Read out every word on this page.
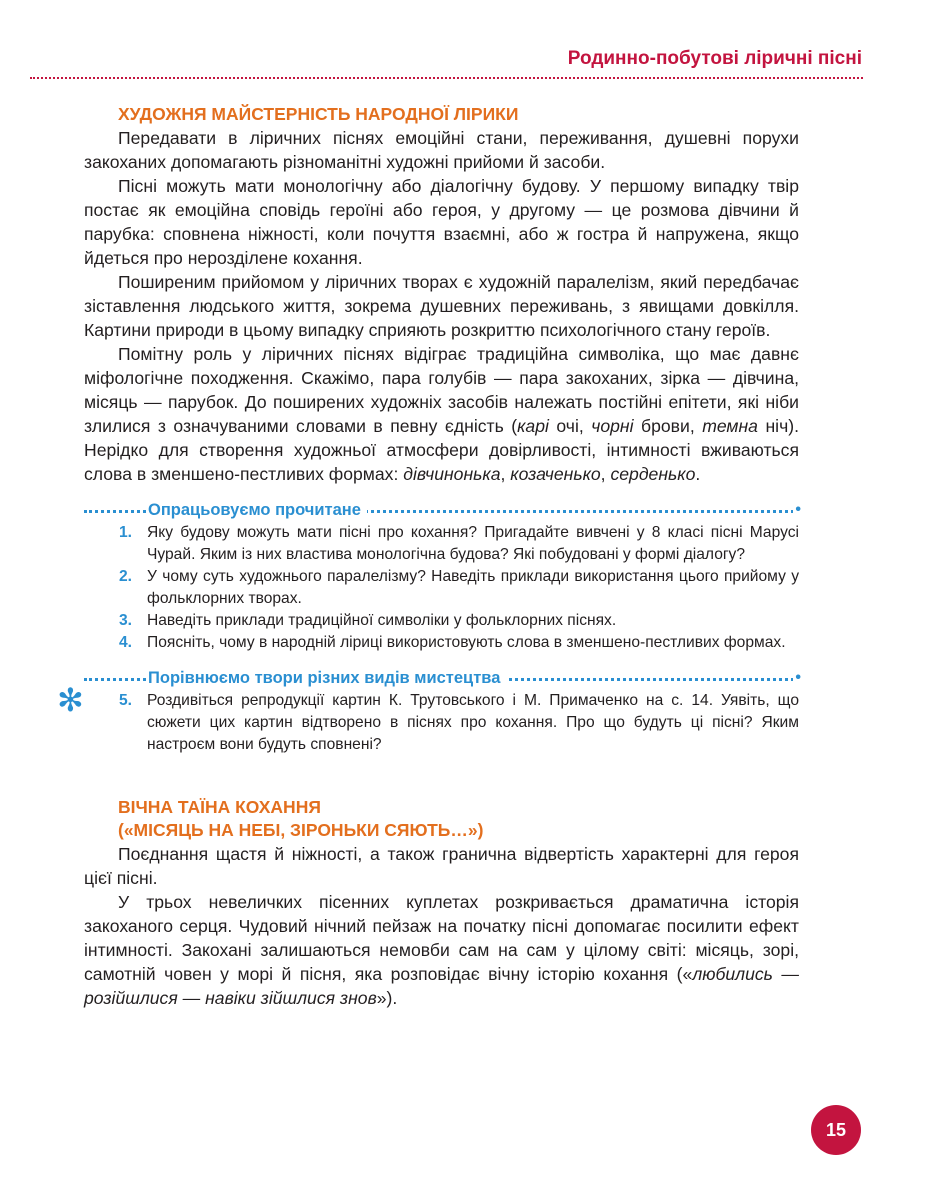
Родинно-побутові ліричні пісні
ХУДОЖНЯ МАЙСТЕРНІСТЬ НАРОДНОЇ ЛІРИКИ

Передавати в ліричних піснях емоційні стани, переживання, душевні порухи закоханих допомагають різноманітні художні прийоми й засоби.

Пісні можуть мати монологічну або діалогічну будову. У першому випадку твір постає як емоційна сповідь героїні або героя, у другому — це розмова дівчини й парубка: сповнена ніжності, коли почуття взаємні, або ж гостра й напружена, якщо йдеться про нерозділене кохання.

Поширеним прийомом у ліричних творах є художній паралелізм, який передбачає зіставлення людського життя, зокрема душевних переживань, з явищами довкілля. Картини природи в цьому випадку сприяють розкриттю психологічного стану героїв.

Помітну роль у ліричних піснях відіграє традиційна символіка, що має давнє міфологічне походження. Скажімо, пара голубів — пара закоханих, зірка — дівчина, місяць — парубок. До поширених художніх засобів належать постійні епітети, які ніби злилися з означуваними словами в певну єдність (карі очі, чорні брови, темна ніч). Нерідко для створення художньої атмосфери довірливості, інтимності вживаються слова в зменшено-пестливих формах: дівчинонька, козаченько, серденько.

Опрацьовуємо прочитане	•
1. Яку будову можуть мати пісні про кохання? Пригадайте вивчені у 8 класі пісні Марусі Чурай. Яким із них властива монологічна будова? Які побудовані у формі діалогу?
2. У чому суть художнього паралелізму? Наведіть приклади використання цього прийому у фольклорних творах.
3. Наведіть приклади традиційної символіки у фольклорних піснях.
4. Поясніть, чому в народній ліриці використовують слова в зменшено-пестливих формах.
Порівнюємо твори різних видів мистецтва	•
✻ 5. Роздивіться репродукції картин К. Трутовського і М. Примаченко на с. 14. Уявіть, що сюжети цих картин відтворено в піснях про кохання. Про що будуть ці пісні? Яким настроєм вони будуть сповнені?
ВІЧНА ТАЇНА КОХАННЯ
(«МІСЯЦЬ НА НЕБІ, ЗІРОНЬКИ СЯЮТЬ…»)

Поєднання щастя й ніжності, а також гранична відвертість характерні для героя цієї пісні.

У трьох невеличких пісенних куплетах розкривається драматична історія закоханого серця. Чудовий нічний пейзаж на початку пісні допомагає посилити ефект інтимності. Закохані залишаються немовби сам на сам у цілому світі: місяць, зорі, самотній човен у морі й пісня, яка розповідає вічну історію кохання («любились — розійшлися — навіки зійшлися знов»).

15
